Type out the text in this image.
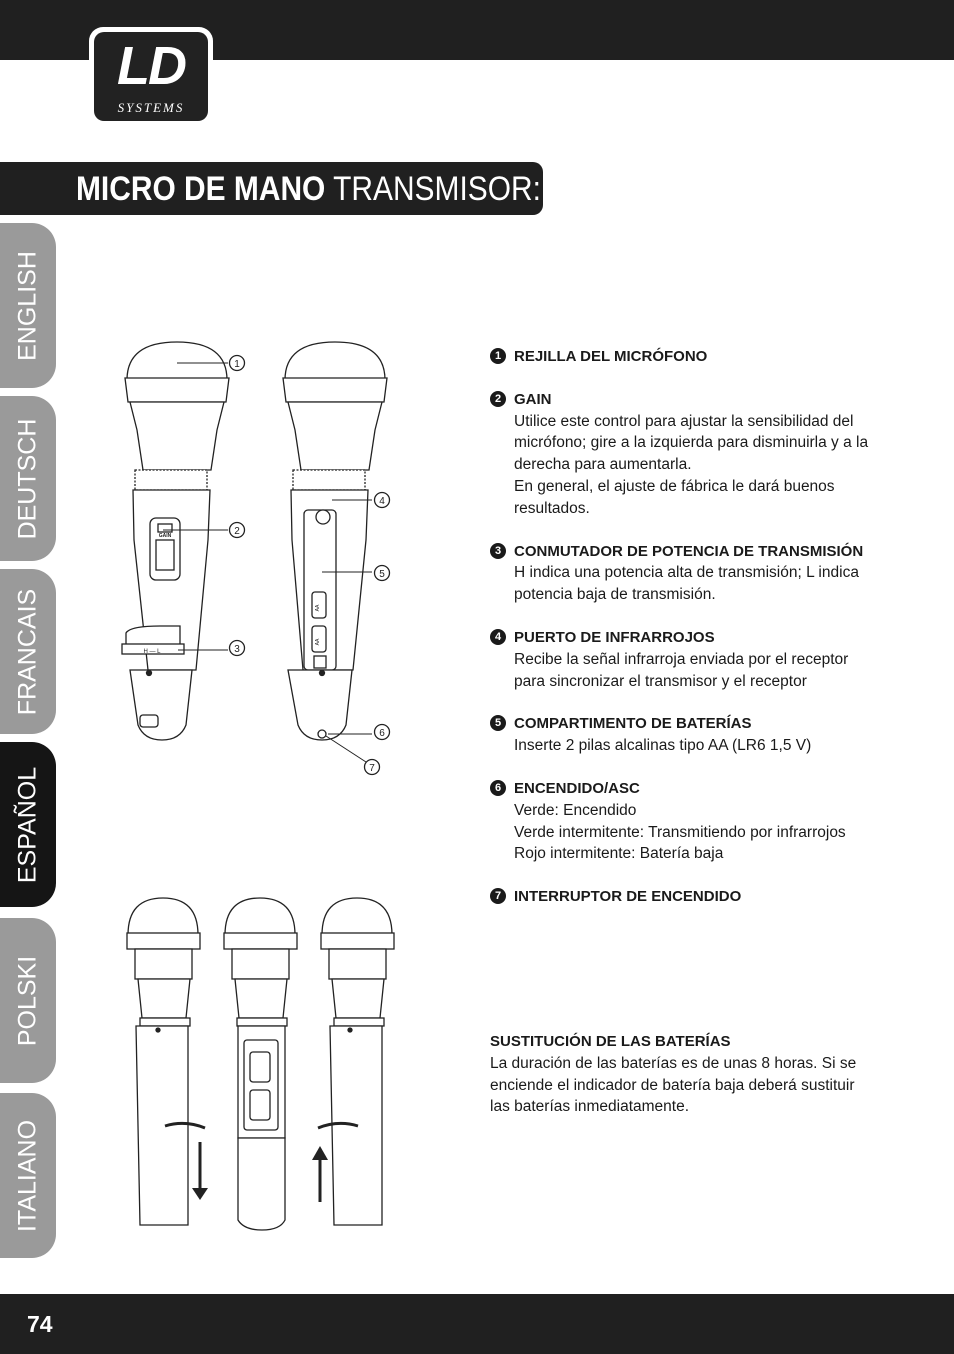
LD
SYSTEMS
MICRO DE MANO TRANSMISOR:
ENGLISH
DEUTSCH
FRANCAIS
ESPAÑOL
POLSKI
ITALIANO
1
2
3
4
5
6
7
GAIN
H — L
AA
AA
1 REJILLA DEL MICRÓFONO
2 GAIN
Utilice este control para ajustar la sensibilidad del
micrófono; gire a la izquierda para disminuirla y a la
derecha para aumentarla.
En general, el ajuste de fábrica le dará buenos
resultados.
3 CONMUTADOR DE POTENCIA DE TRANSMISIÓN
H indica una potencia alta de transmisión; L indica
potencia baja de transmisión.
4 PUERTO DE INFRARROJOS
Recibe la señal infrarroja enviada por el receptor
para sincronizar el transmisor y el receptor
5 COMPARTIMENTO DE BATERÍAS
Inserte 2 pilas alcalinas tipo AA (LR6 1,5 V)
6 ENCENDIDO/ASC
Verde: Encendido
Verde intermitente: Transmitiendo por infrarrojos
Rojo intermitente: Batería baja
7 INTERRUPTOR DE ENCENDIDO
SUSTITUCIÓN DE LAS BATERÍAS
La duración de las baterías es de unas 8 horas. Si se
enciende el indicador de batería baja deberá sustituir
las baterías inmediatamente.
74
